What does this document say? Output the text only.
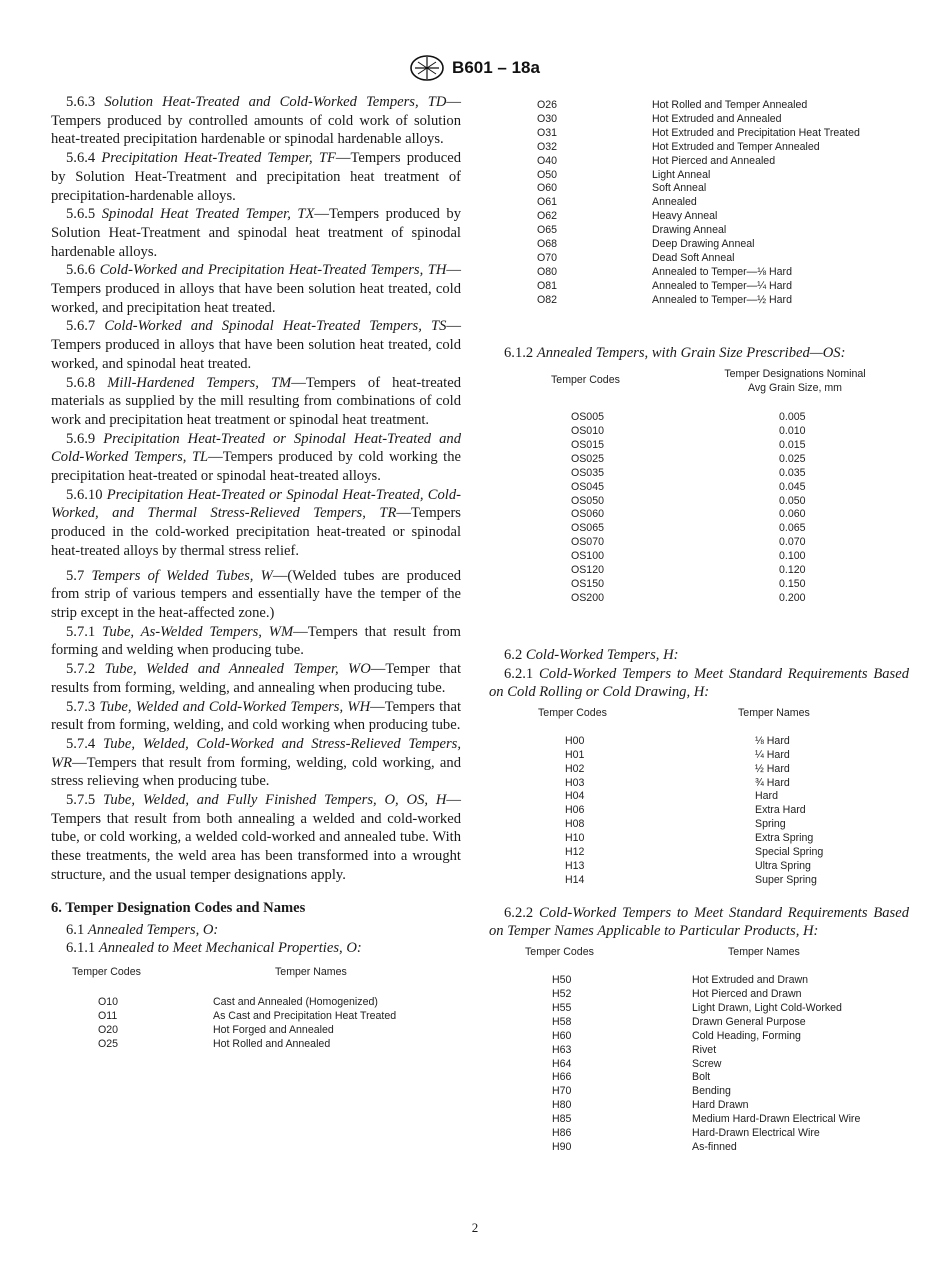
B601 – 18a

5.6.3 Solution Heat-Treated and Cold-Worked Tempers, TD—Tempers produced by controlled amounts of cold work of solution heat-treated precipitation hardenable or spinodal hardenable alloys.

5.6.4 Precipitation Heat-Treated Temper, TF—Tempers produced by Solution Heat-Treatment and precipitation heat treatment of precipitation-hardenable alloys.

5.6.5 Spinodal Heat Treated Temper, TX—Tempers produced by Solution Heat-Treatment and spinodal heat treatment of spinodal hardenable alloys.

5.6.6 Cold-Worked and Precipitation Heat-Treated Tempers, TH—Tempers produced in alloys that have been solution heat treated, cold worked, and precipitation heat treated.

5.6.7 Cold-Worked and Spinodal Heat-Treated Tempers, TS—Tempers produced in alloys that have been solution heat treated, cold worked, and spinodal heat treated.

5.6.8 Mill-Hardened Tempers, TM—Tempers of heat-treated materials as supplied by the mill resulting from combinations of cold work and precipitation heat treatment or spinodal heat treatment.

5.6.9 Precipitation Heat-Treated or Spinodal Heat-Treated and Cold-Worked Tempers, TL—Tempers produced by cold working the precipitation heat-treated or spinodal heat-treated alloys.

5.6.10 Precipitation Heat-Treated or Spinodal Heat-Treated, Cold-Worked, and Thermal Stress-Relieved Tempers, TR—Tempers produced in the cold-worked precipitation heat-treated or spinodal heat-treated alloys by thermal stress relief.

5.7 Tempers of Welded Tubes, W—(Welded tubes are produced from strip of various tempers and essentially have the temper of the strip except in the heat-affected zone.)

5.7.1 Tube, As-Welded Tempers, WM—Tempers that result from forming and welding when producing tube.

5.7.2 Tube, Welded and Annealed Temper, WO—Temper that results from forming, welding, and annealing when producing tube.

5.7.3 Tube, Welded and Cold-Worked Tempers, WH—Tempers that result from forming, welding, and cold working when producing tube.

5.7.4 Tube, Welded, Cold-Worked and Stress-Relieved Tempers, WR—Tempers that result from forming, welding, cold working, and stress relieving when producing tube.

5.7.5 Tube, Welded, and Fully Finished Tempers, O, OS, H—Tempers that result from both annealing a welded and cold-worked tube, or cold working, a welded cold-worked and annealed tube. With these treatments, the weld area has been transformed into a wrought structure, and the usual temper designations apply.

6. Temper Designation Codes and Names

6.1 Annealed Tempers, O:

6.1.1 Annealed to Meet Mechanical Properties, O:

Temper Codes	Temper Names
O10	Cast and Annealed (Homogenized)
O11	As Cast and Precipitation Heat Treated
O20	Hot Forged and Annealed
O25	Hot Rolled and Annealed
O26	Hot Rolled and Temper Annealed
O30	Hot Extruded and Annealed
O31	Hot Extruded and Precipitation Heat Treated
O32	Hot Extruded and Temper Annealed
O40	Hot Pierced and Annealed
O50	Light Anneal
O60	Soft Anneal
O61	Annealed
O62	Heavy Anneal
O65	Drawing Anneal
O68	Deep Drawing Anneal
O70	Dead Soft Anneal
O80	Annealed to Temper—⅛ Hard
O81	Annealed to Temper—¼ Hard
O82	Annealed to Temper—½ Hard

6.1.2 Annealed Tempers, with Grain Size Prescribed—OS:

Temper Codes	Temper Designations Nominal
Avg Grain Size, mm
OS005	0.005
OS010	0.010
OS015	0.015
OS025	0.025
OS035	0.035
OS045	0.045
OS050	0.050
OS060	0.060
OS065	0.065
OS070	0.070
OS100	0.100
OS120	0.120
OS150	0.150
OS200	0.200

6.2 Cold-Worked Tempers, H:

6.2.1 Cold-Worked Tempers to Meet Standard Requirements Based on Cold Rolling or Cold Drawing, H:

Temper Codes	Temper Names
H00	⅛ Hard
H01	¼ Hard
H02	½ Hard
H03	¾ Hard
H04	Hard
H06	Extra Hard
H08	Spring
H10	Extra Spring
H12	Special Spring
H13	Ultra Spring
H14	Super Spring

6.2.2 Cold-Worked Tempers to Meet Standard Requirements Based on Temper Names Applicable to Particular Products, H:

Temper Codes	Temper Names
H50	Hot Extruded and Drawn
H52	Hot Pierced and Drawn
H55	Light Drawn, Light Cold-Worked
H58	Drawn General Purpose
H60	Cold Heading, Forming
H63	Rivet
H64	Screw
H66	Bolt
H70	Bending
H80	Hard Drawn
H85	Medium Hard-Drawn Electrical Wire
H86	Hard-Drawn Electrical Wire
H90	As-finned
2
